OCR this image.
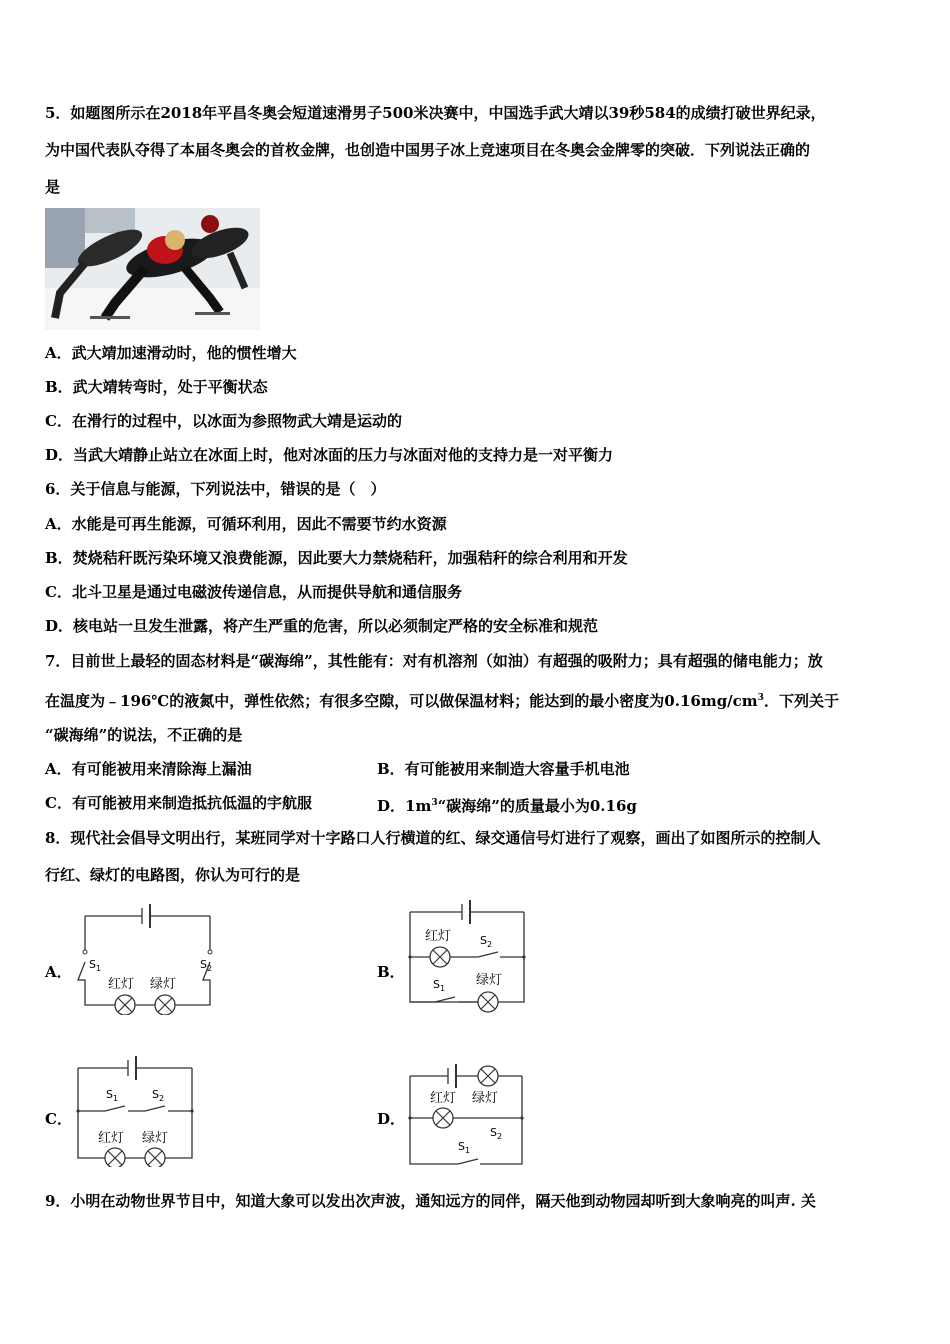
5．如题图所示在2018年平昌冬奥会短道速滑男子500米决赛中，中国选手武大靖以39秒584的成绩打破世界纪录，
为中国代表队夺得了本届冬奥会的首枚金牌，也创造中国男子冰上竞速项目在冬奥会金牌零的突破．下列说法正确的
是
A．武大靖加速滑动时，他的惯性增大
B．武大靖转弯时，处于平衡状态
C．在滑行的过程中，以冰面为参照物武大靖是运动的
D．当武大靖静止站立在冰面上时，他对冰面的压力与冰面对他的支持力是一对平衡力
6．关于信息与能源，下列说法中，错误的是（　）
A．水能是可再生能源，可循环利用，因此不需要节约水资源
B．焚烧秸秆既污染环境又浪费能源，因此要大力禁烧秸秆，加强秸秆的综合利用和开发
C．北斗卫星是通过电磁波传递信息，从而提供导航和通信服务
D．核电站一旦发生泄露，将产生严重的危害，所以必须制定严格的安全标准和规范
7．目前世上最轻的固态材料是“碳海绵”，其性能有：对有机溶剂（如油）有超强的吸附力；具有超强的储电能力；放
在温度为﹣196℃的液氮中，弹性依然；有很多空隙，可以做保温材料；能达到的最小密度为$0.16mg/cm^3$．下列关于
“碳海绵”的说法，不正确的是
A．有可能被用来清除海上漏油	B．有可能被用来制造大容量手机电池
C．有可能被用来制造抵抗低温的宇航服	D．$1m^3“$碳海绵”的质量最小为0.16g
8．现代社会倡导文明出行，某班同学对十字路口人行横道的红、绿交通信号灯进行了观察，画出了如图所示的控制人
行红、绿灯的电路图，你认为可行的是
A． $S_1$	$S_2$
红灯 绿灯
B．
红灯	$S_2$
$S_1$
绿灯
C．
$S_1$	$S_2$
红灯 绿灯
D．
红灯 绿灯
$S_2$
$S_1$
9．小明在动物世界节目中，知道大象可以发出次声波，通知远方的同伴，隔天他到动物园却听到大象响亮的叫声. 关
